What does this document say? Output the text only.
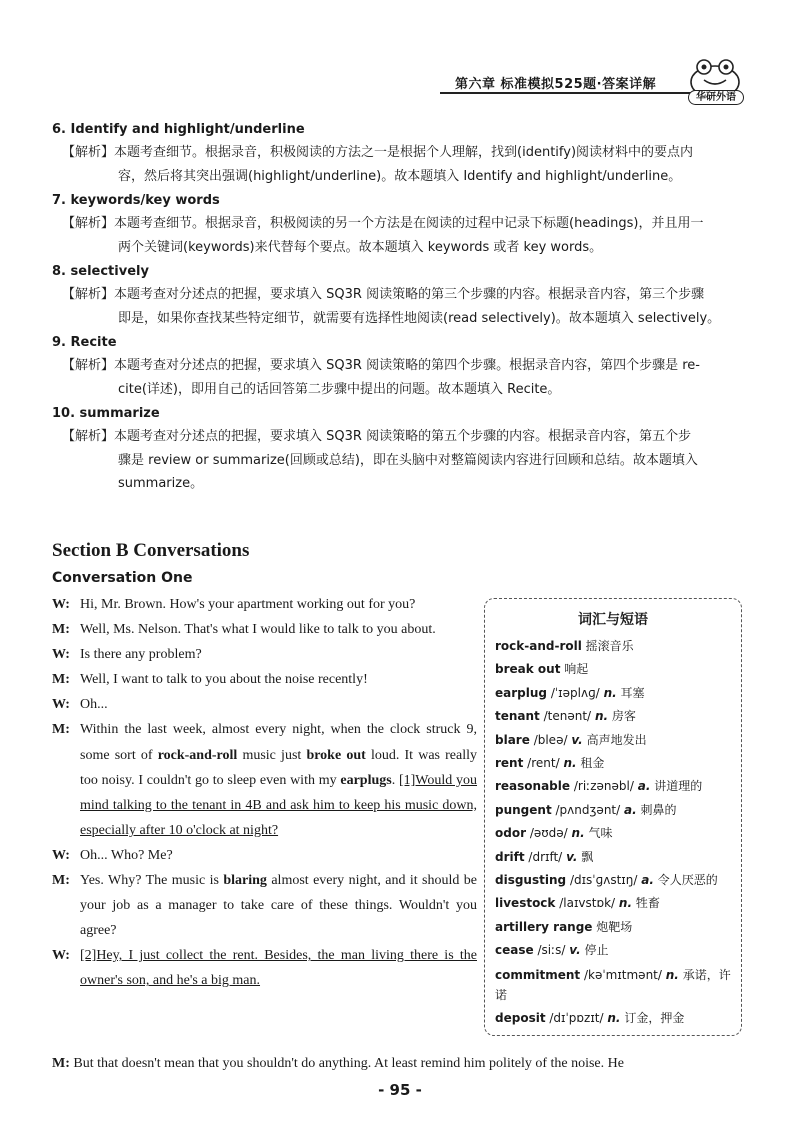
第六章 标准模拟525题·答案详解
华研外语

6. Identify and highlight/underline

【解析】本题考查细节。根据录音，积极阅读的方法之一是根据个人理解，找到(identify)阅读材料中的要点内
容，然后将其突出强调(highlight/underline)。故本题填入 Identify and highlight/underline。

7. keywords/key words

【解析】本题考查细节。根据录音，积极阅读的另一个方法是在阅读的过程中记录下标题(headings)，并且用一
两个关键词(keywords)来代替每个要点。故本题填入 keywords 或者 key words。

8. selectively

【解析】本题考查对分述点的把握，要求填入 SQ3R 阅读策略的第三个步骤的内容。根据录音内容，第三个步骤
即是，如果你查找某些特定细节，就需要有选择性地阅读(read selectively)。故本题填入 selectively。

9. Recite

【解析】本题考查对分述点的把握，要求填入 SQ3R 阅读策略的第四个步骤。根据录音内容，第四个步骤是 re-
cite(详述)，即用自己的话回答第二步骤中提出的问题。故本题填入 Recite。

10. summarize

【解析】本题考查对分述点的把握，要求填入 SQ3R 阅读策略的第五个步骤的内容。根据录音内容，第五个步
骤是 review or summarize(回顾或总结)，即在头脑中对整篇阅读内容进行回顾和总结。故本题填入
summarize。

Section B Conversations
Conversation One
W: Hi, Mr. Brown. How's your apartment working out for you?
M: Well, Ms. Nelson. That's what I would like to talk to you about.
W: Is there any problem?
M: Well, I want to talk to you about the noise recently!
W: Oh...
M: Within the last week, almost every night, when the clock struck 9, some sort of rock-and-roll music just broke out loud. It was really too noisy. I couldn't go to sleep even with my earplugs. [1]Would you mind talking to the tenant in 4B and ask him to keep his music down, especially after 10 o'clock at night?
W: Oh... Who? Me?
M: Yes. Why? The music is blaring almost every night, and it should be your job as a manager to take care of these things. Wouldn't you agree?
W: [2]Hey, I just collect the rent. Besides, the man living there is the owner's son, and he's a big man.
M: But that doesn't mean that you shouldn't do anything. At least remind him politely of the noise. He

词汇与短语

rock-and-roll 摇滚音乐
break out 响起
earplug /ˈɪəplʌɡ/ n. 耳塞
tenant /tenənt/ n. 房客
blare /bleə/ v. 高声地发出
rent /rent/ n. 租金
reasonable /riːzənəbl/ a. 讲道理的
pungent /pʌndʒənt/ a. 刺鼻的
odor /əʊdə/ n. 气味
drift /drɪft/ v. 飘
disgusting /dɪsˈɡʌstɪŋ/ a. 令人厌恶的
livestock /laɪvstɒk/ n. 牲畜
artillery range 炮靶场
cease /siːs/ v. 停止
commitment /kəˈmɪtmənt/ n. 承诺，许诺
deposit /dɪˈpɒzɪt/ n. 订金，押金
- 95 -
